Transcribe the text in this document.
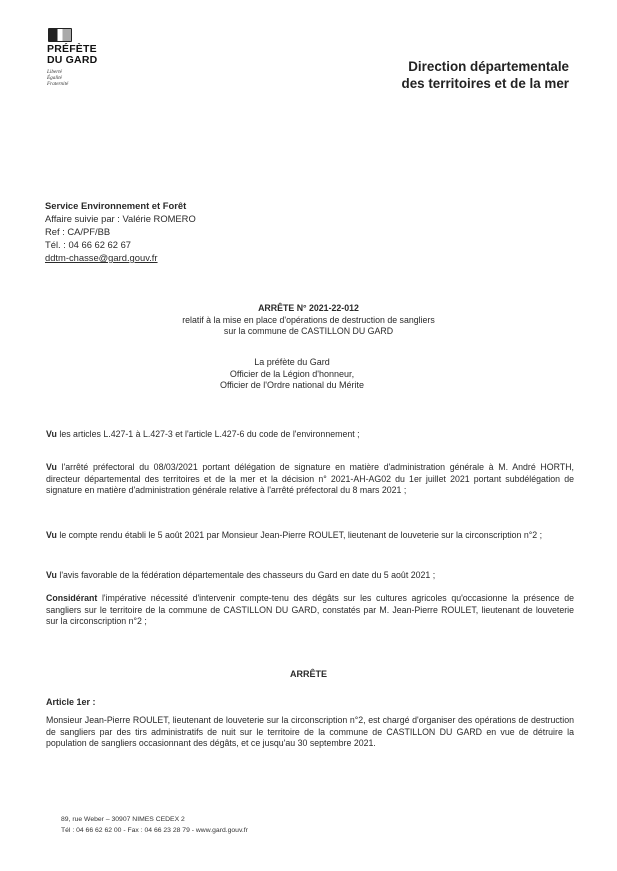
PRÉFÈTE
DU GARD
Liberté
Égalité
Fraternité
Direction départementale
des territoires et de la mer
Service Environnement et Forêt
Affaire suivie par : Valérie ROMERO
Ref : CA/PF/BB
Tél. : 04 66 62 62 67
ddtm-chasse@gard.gouv.fr
ARRÊTE N° 2021-22-012
relatif à la mise en place d'opérations de destruction de sangliers
sur la commune de CASTILLON DU GARD
La préfète du Gard
Officier de la Légion d'honneur,
Officier de l'Ordre national du Mérite
Vu les articles L.427-1 à L.427-3 et l'article L.427-6 du code de l'environnement ;
Vu l'arrêté préfectoral du 08/03/2021 portant délégation de signature en matière d'administration générale à M. André HORTH, directeur départemental des territoires et de la mer et la décision n° 2021-AH-AG02 du 1er juillet 2021 portant subdélégation de signature en matière d'administration générale relative à l'arrêté préfectoral du 8 mars 2021 ;
Vu le compte rendu établi le 5 août 2021 par Monsieur Jean-Pierre ROULET, lieutenant de louveterie sur la circonscription n°2 ;
Vu l'avis favorable de la fédération départementale des chasseurs du Gard en date du 5 août 2021 ;
Considérant l'impérative nécessité d'intervenir compte-tenu des dégâts sur les cultures agricoles qu'occasionne la présence de sangliers sur le territoire de la commune de CASTILLON DU GARD, constatés par M. Jean-Pierre ROULET, lieutenant de louveterie sur la circonscription n°2 ;
ARRÊTE
Article 1er :
Monsieur Jean-Pierre ROULET, lieutenant de louveterie sur la circonscription n°2, est chargé d'organiser des opérations de destruction de sangliers par des tirs administratifs de nuit sur le territoire de la commune de CASTILLON DU GARD en vue de détruire la population de sangliers occasionnant des dégâts, et ce jusqu'au 30 septembre 2021.
89, rue Weber – 30907 NIMES CEDEX 2
Tél : 04 66 62 62 00 - Fax : 04 66 23 28 79 - www.gard.gouv.fr
